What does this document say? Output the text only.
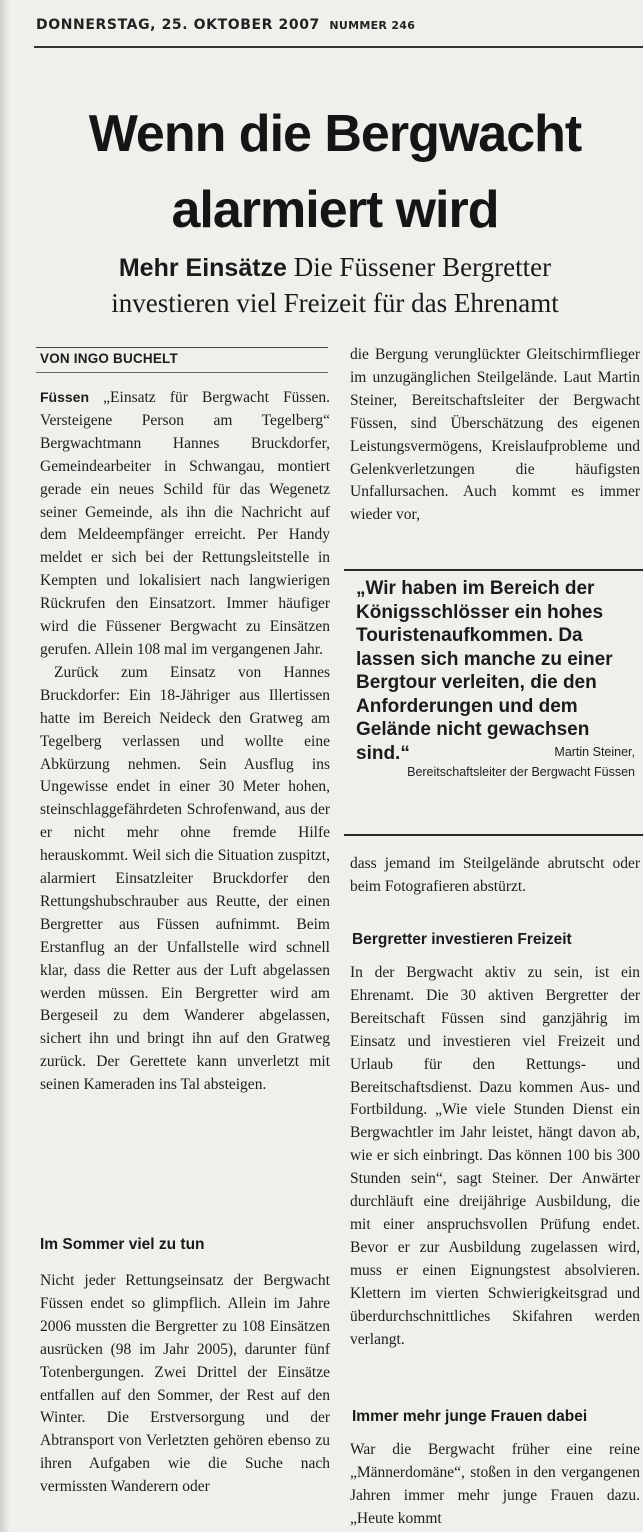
DONNERSTAG, 25. OKTOBER 2007 NUMMER 246
Wenn die Bergwacht
alarmiert wird
Mehr Einsätze Die Füssener Bergretter
investieren viel Freizeit für das Ehrenamt
VON INGO BUCHELT

Füssen „Einsatz für Bergwacht Füssen. Versteigene Person am Tegelberg“ Bergwachtmann Hannes Bruckdorfer, Gemeindearbeiter in Schwangau, montiert gerade ein neues Schild für das Wegenetz seiner Gemeinde, als ihn die Nachricht auf dem Meldeempfänger erreicht. Per Handy meldet er sich bei der Rettungsleitstelle in Kempten und lokalisiert nach langwierigen Rückrufen den Einsatzort. Immer häufiger wird die Füssener Bergwacht zu Einsätzen gerufen. Allein 108 mal im vergangenen Jahr.

Zurück zum Einsatz von Hannes Bruckdorfer: Ein 18-Jähriger aus Illertissen hatte im Bereich Neideck den Gratweg am Tegelberg verlassen und wollte eine Abkürzung nehmen. Sein Ausflug ins Ungewisse endet in einer 30 Meter hohen, steinschlaggefährdeten Schrofenwand, aus der er nicht mehr ohne fremde Hilfe herauskommt. Weil sich die Situation zuspitzt, alarmiert Einsatzleiter Bruckdorfer den Rettungshubschrauber aus Reutte, der einen Bergretter aus Füssen aufnimmt. Beim Erstanflug an der Unfallstelle wird schnell klar, dass die Retter aus der Luft abgelassen werden müssen. Ein Bergretter wird am Bergeseil zu dem Wanderer abgelassen, sichert ihn und bringt ihn auf den Gratweg zurück. Der Gerettete kann unverletzt mit seinen Kameraden ins Tal absteigen.

Im Sommer viel zu tun

Nicht jeder Rettungseinsatz der Bergwacht Füssen endet so glimpflich. Allein im Jahre 2006 mussten die Bergretter zu 108 Einsätzen ausrücken (98 im Jahr 2005), darunter fünf Totenbergungen. Zwei Drittel der Einsätze entfallen auf den Sommer, der Rest auf den Winter. Die Erstversorgung und der Abtransport von Verletzten gehören ebenso zu ihren Aufgaben wie die Suche nach vermissten Wanderern oder

die Bergung verunglückter Gleitschirmflieger im unzugänglichen Steilgelände. Laut Martin Steiner, Bereitschaftsleiter der Bergwacht Füssen, sind Überschätzung des eigenen Leistungsvermögens, Kreislaufprobleme und Gelenkverletzungen die häufigsten Unfallursachen. Auch kommt es immer wieder vor,

„Wir haben im Bereich der Königsschlösser ein hohes Touristenaufkommen. Da lassen sich manche zu einer Bergtour verleiten, die den Anforderungen und dem Gelände nicht gewachsen sind.“	Martin Steiner,
Bereitschaftsleiter der Bergwacht Füssen

dass jemand im Steilgelände abrutscht oder beim Fotografieren abstürzt.

Bergretter investieren Freizeit

In der Bergwacht aktiv zu sein, ist ein Ehrenamt. Die 30 aktiven Bergretter der Bereitschaft Füssen sind ganzjährig im Einsatz und investieren viel Freizeit und Urlaub für den Rettungs- und Bereitschaftsdienst. Dazu kommen Aus- und Fortbildung. „Wie viele Stunden Dienst ein Bergwachtler im Jahr leistet, hängt davon ab, wie er sich einbringt. Das können 100 bis 300 Stunden sein“, sagt Steiner. Der Anwärter durchläuft eine dreijährige Ausbildung, die mit einer anspruchsvollen Prüfung endet. Bevor er zur Ausbildung zugelassen wird, muss er einen Eignungstest absolvieren. Klettern im vierten Schwierigkeitsgrad und überdurchschnittliches Skifahren werden verlangt.

Immer mehr junge Frauen dabei

War die Bergwacht früher eine reine „Männerdomäne“, stoßen in den vergangenen Jahren immer mehr junge Frauen dazu. „Heute kommt
